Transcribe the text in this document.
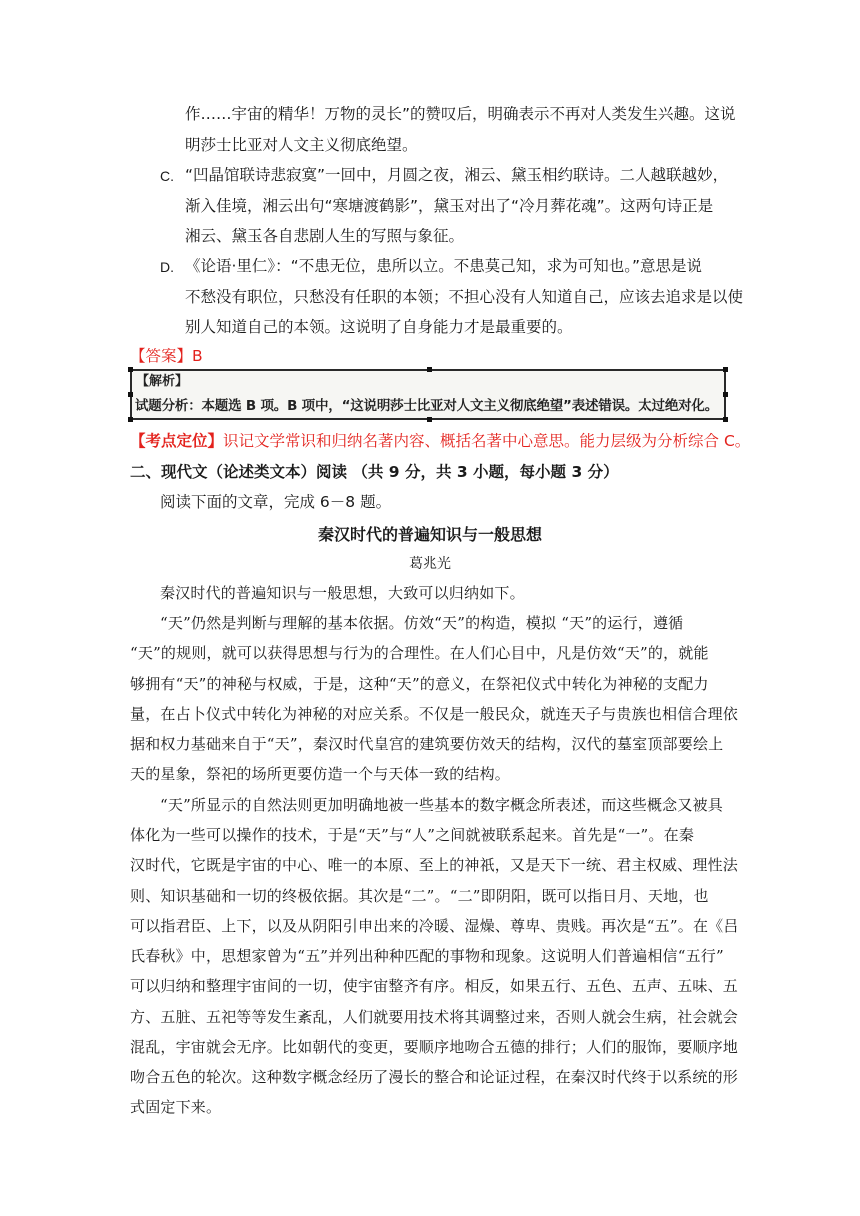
作……宇宙的精华！万物的灵长”的赞叹后，明确表示不再对人类发生兴趣。这说
明莎士比亚对人文主义彻底绝望。
C. “凹晶馆联诗悲寂寞”一回中，月圆之夜，湘云、黛玉相约联诗。二人越联越妙，
渐入佳境，湘云出句“寒塘渡鹤影”，黛玉对出了“冷月葬花魂”。这两句诗正是
湘云、黛玉各自悲剧人生的写照与象征。
D. 《论语·里仁》：“不患无位，患所以立。不患莫己知，求为可知也。”意思是说
不愁没有职位，只愁没有任职的本领；不担心没有人知道自己，应该去追求是以使
别人知道自己的本领。这说明了自身能力才是最重要的。
【答案】B
【解析】
试题分析：本题选 B 项。B 项中，“这说明莎士比亚对人文主义彻底绝望”表述错误。太过绝对化。
【考点定位】识记文学常识和归纳名著内容、概括名著中心意思。能力层级为分析综合 C。
二、现代文（论述类文本）阅读 （共 9 分，共 3 小题，每小题 3 分）
阅读下面的文章，完成 6－8 题。
秦汉时代的普遍知识与一般思想
葛兆光
秦汉时代的普遍知识与一般思想，大致可以归纳如下。
“天”仍然是判断与理解的基本依据。仿效“天”的构造，模拟 “天”的运行，遵循
“天”的规则，就可以获得思想与行为的合理性。在人们心目中，凡是仿效“天”的，就能
够拥有“天”的神秘与权威，于是，这种“天”的意义，在祭祀仪式中转化为神秘的支配力
量，在占卜仪式中转化为神秘的对应关系。不仅是一般民众，就连天子与贵族也相信合理依
据和权力基础来自于“天”，秦汉时代皇宫的建筑要仿效天的结构，汉代的墓室顶部要绘上
天的星象，祭祀的场所更要仿造一个与天体一致的结构。
“天”所显示的自然法则更加明确地被一些基本的数字概念所表述，而这些概念又被具
体化为一些可以操作的技术，于是“天”与“人”之间就被联系起来。首先是“一”。在秦
汉时代，它既是宇宙的中心、唯一的本原、至上的神祇，又是天下一统、君主权威、理性法
则、知识基础和一切的终极依据。其次是“二”。“二”即阴阳，既可以指日月、天地，也
可以指君臣、上下，以及从阴阳引申出来的冷暖、湿燥、尊卑、贵贱。再次是“五”。在《吕
氏春秋》中，思想家曾为“五”并列出种种匹配的事物和现象。这说明人们普遍相信“五行”
可以归纳和整理宇宙间的一切，使宇宙整齐有序。相反，如果五行、五色、五声、五味、五
方、五脏、五祀等等发生紊乱，人们就要用技术将其调整过来，否则人就会生病，社会就会
混乱，宇宙就会无序。比如朝代的变更，要顺序地吻合五德的排行；人们的服饰，要顺序地
吻合五色的轮次。这种数字概念经历了漫长的整合和论证过程，在秦汉时代终于以系统的形
式固定下来。
